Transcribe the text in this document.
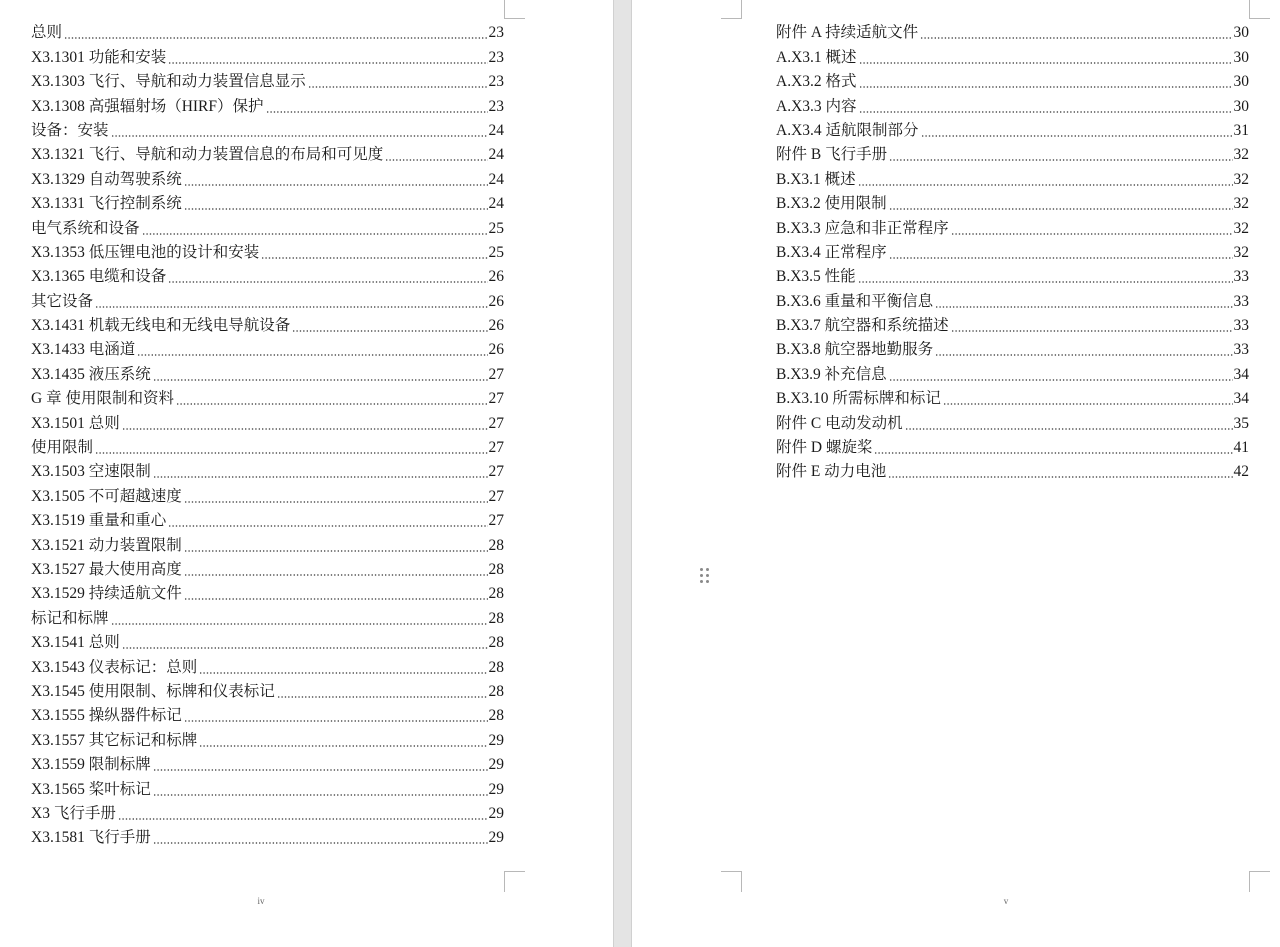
总则	23
X3.1301 功能和安装	23
X3.1303 飞行、导航和动力装置信息显示	23
X3.1308 高强辐射场（HIRF）保护	23
设备：安装	24
X3.1321 飞行、导航和动力装置信息的布局和可见度	24
X3.1329 自动驾驶系统	24
X3.1331 飞行控制系统	24
电气系统和设备	25
X3.1353 低压锂电池的设计和安装	25
X3.1365 电缆和设备	26
其它设备	26
X3.1431 机载无线电和无线电导航设备	26
X3.1433 电涵道	26
X3.1435 液压系统	27
G 章 使用限制和资料	27
X3.1501 总则	27
使用限制	27
X3.1503 空速限制	27
X3.1505 不可超越速度	27
X3.1519 重量和重心	27
X3.1521 动力装置限制	28
X3.1527 最大使用高度	28
X3.1529 持续适航文件	28
标记和标牌	28
X3.1541 总则	28
X3.1543 仪表标记：总则	28
X3.1545 使用限制、标牌和仪表标记	28
X3.1555 操纵器件标记	28
X3.1557 其它标记和标牌	29
X3.1559 限制标牌	29
X3.1565 桨叶标记	29
X3 飞行手册	29
X3.1581 飞行手册	29
iv
附件 A 持续适航文件	30
A.X3.1 概述	30
A.X3.2 格式	30
A.X3.3 内容	30
A.X3.4 适航限制部分	31
附件 B 飞行手册	32
B.X3.1 概述	32
B.X3.2 使用限制	32
B.X3.3 应急和非正常程序	32
B.X3.4 正常程序	32
B.X3.5 性能	33
B.X3.6 重量和平衡信息	33
B.X3.7 航空器和系统描述	33
B.X3.8 航空器地勤服务	33
B.X3.9 补充信息	34
B.X3.10 所需标牌和标记	34
附件 C 电动发动机	35
附件 D 螺旋桨	41
附件 E 动力电池	42
v
